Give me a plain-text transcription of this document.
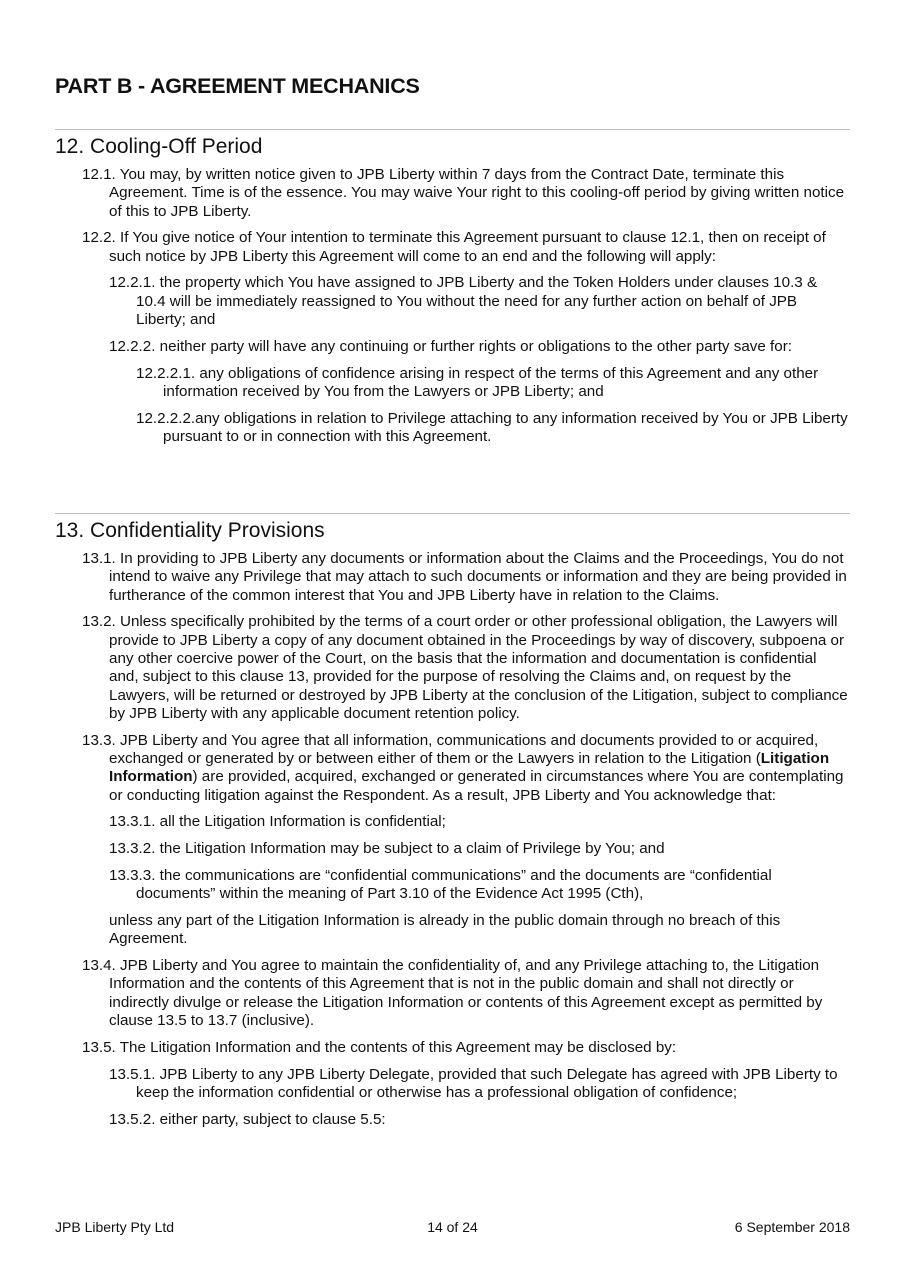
PART B - AGREEMENT MECHANICS
12. Cooling-Off Period

12.1. You may, by written notice given to JPB Liberty within 7 days from the Contract Date, terminate this Agreement. Time is of the essence. You may waive Your right to this cooling-off period by giving written notice of this to JPB Liberty.

12.2. If You give notice of Your intention to terminate this Agreement pursuant to clause 12.1, then on receipt of such notice by JPB Liberty this Agreement will come to an end and the following will apply:

12.2.1. the property which You have assigned to JPB Liberty and the Token Holders under clauses 10.3 & 10.4 will be immediately reassigned to You without the need for any further action on behalf of JPB Liberty; and

12.2.2. neither party will have any continuing or further rights or obligations to the other party save for:

12.2.2.1. any obligations of confidence arising in respect of the terms of this Agreement and any other information received by You from the Lawyers or JPB Liberty; and

12.2.2.2.any obligations in relation to Privilege attaching to any information received by You or JPB Liberty pursuant to or in connection with this Agreement.

13. Confidentiality Provisions

13.1. In providing to JPB Liberty any documents or information about the Claims and the Proceedings, You do not intend to waive any Privilege that may attach to such documents or information and they are being provided in furtherance of the common interest that You and JPB Liberty have in relation to the Claims.

13.2. Unless specifically prohibited by the terms of a court order or other professional obligation, the Lawyers will provide to JPB Liberty a copy of any document obtained in the Proceedings by way of discovery, subpoena or any other coercive power of the Court, on the basis that the information and documentation is confidential and, subject to this clause 13, provided for the purpose of resolving the Claims and, on request by the Lawyers, will be returned or destroyed by JPB Liberty at the conclusion of the Litigation, subject to compliance by JPB Liberty with any applicable document retention policy.

13.3. JPB Liberty and You agree that all information, communications and documents provided to or acquired, exchanged or generated by or between either of them or the Lawyers in relation to the Litigation (Litigation Information) are provided, acquired, exchanged or generated in circumstances where You are contemplating or conducting litigation against the Respondent. As a result, JPB Liberty and You acknowledge that:

13.3.1. all the Litigation Information is confidential;

13.3.2. the Litigation Information may be subject to a claim of Privilege by You; and

13.3.3. the communications are “confidential communications” and the documents are “confidential documents” within the meaning of Part 3.10 of the Evidence Act 1995 (Cth),

unless any part of the Litigation Information is already in the public domain through no breach of this Agreement.

13.4. JPB Liberty and You agree to maintain the confidentiality of, and any Privilege attaching to, the Litigation Information and the contents of this Agreement that is not in the public domain and shall not directly or indirectly divulge or release the Litigation Information or contents of this Agreement except as permitted by clause 13.5 to 13.7 (inclusive).

13.5. The Litigation Information and the contents of this Agreement may be disclosed by:

13.5.1. JPB Liberty to any JPB Liberty Delegate, provided that such Delegate has agreed with JPB Liberty to keep the information confidential or otherwise has a professional obligation of confidence;

13.5.2. either party, subject to clause 5.5:

JPB Liberty Pty Ltd	14 of 24	6 September 2018
